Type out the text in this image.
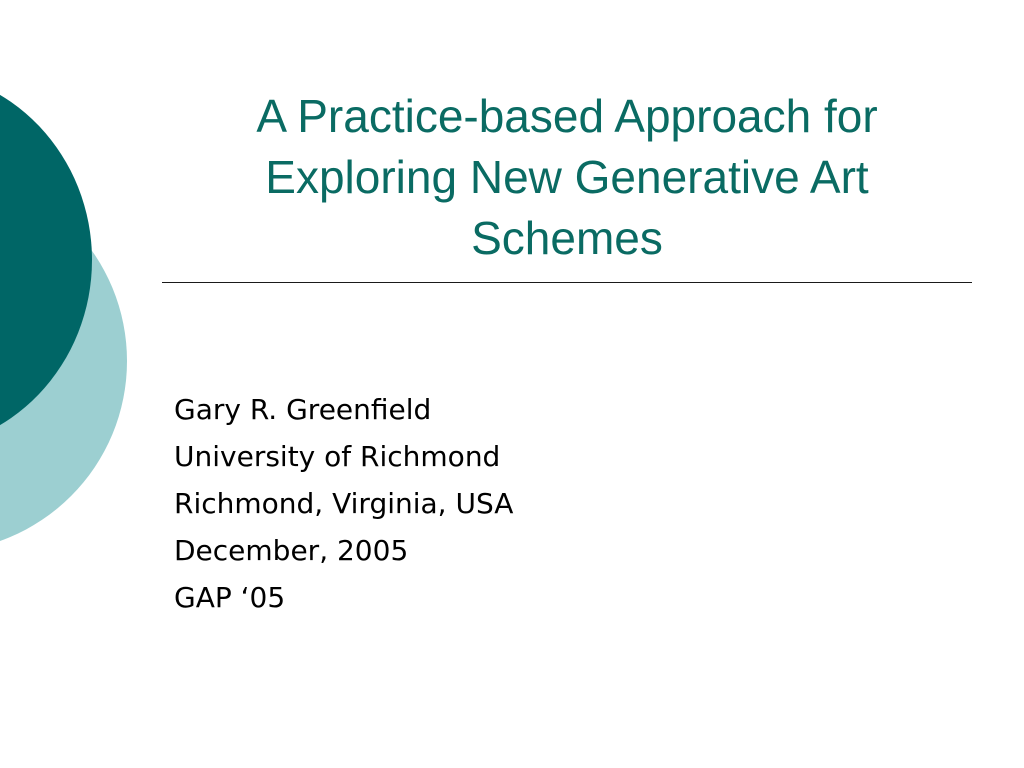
A Practice-based Approach for
Exploring New Generative Art
Schemes
Gary R. Greenfield
University of Richmond
Richmond, Virginia, USA
December, 2005
GAP ‘05
